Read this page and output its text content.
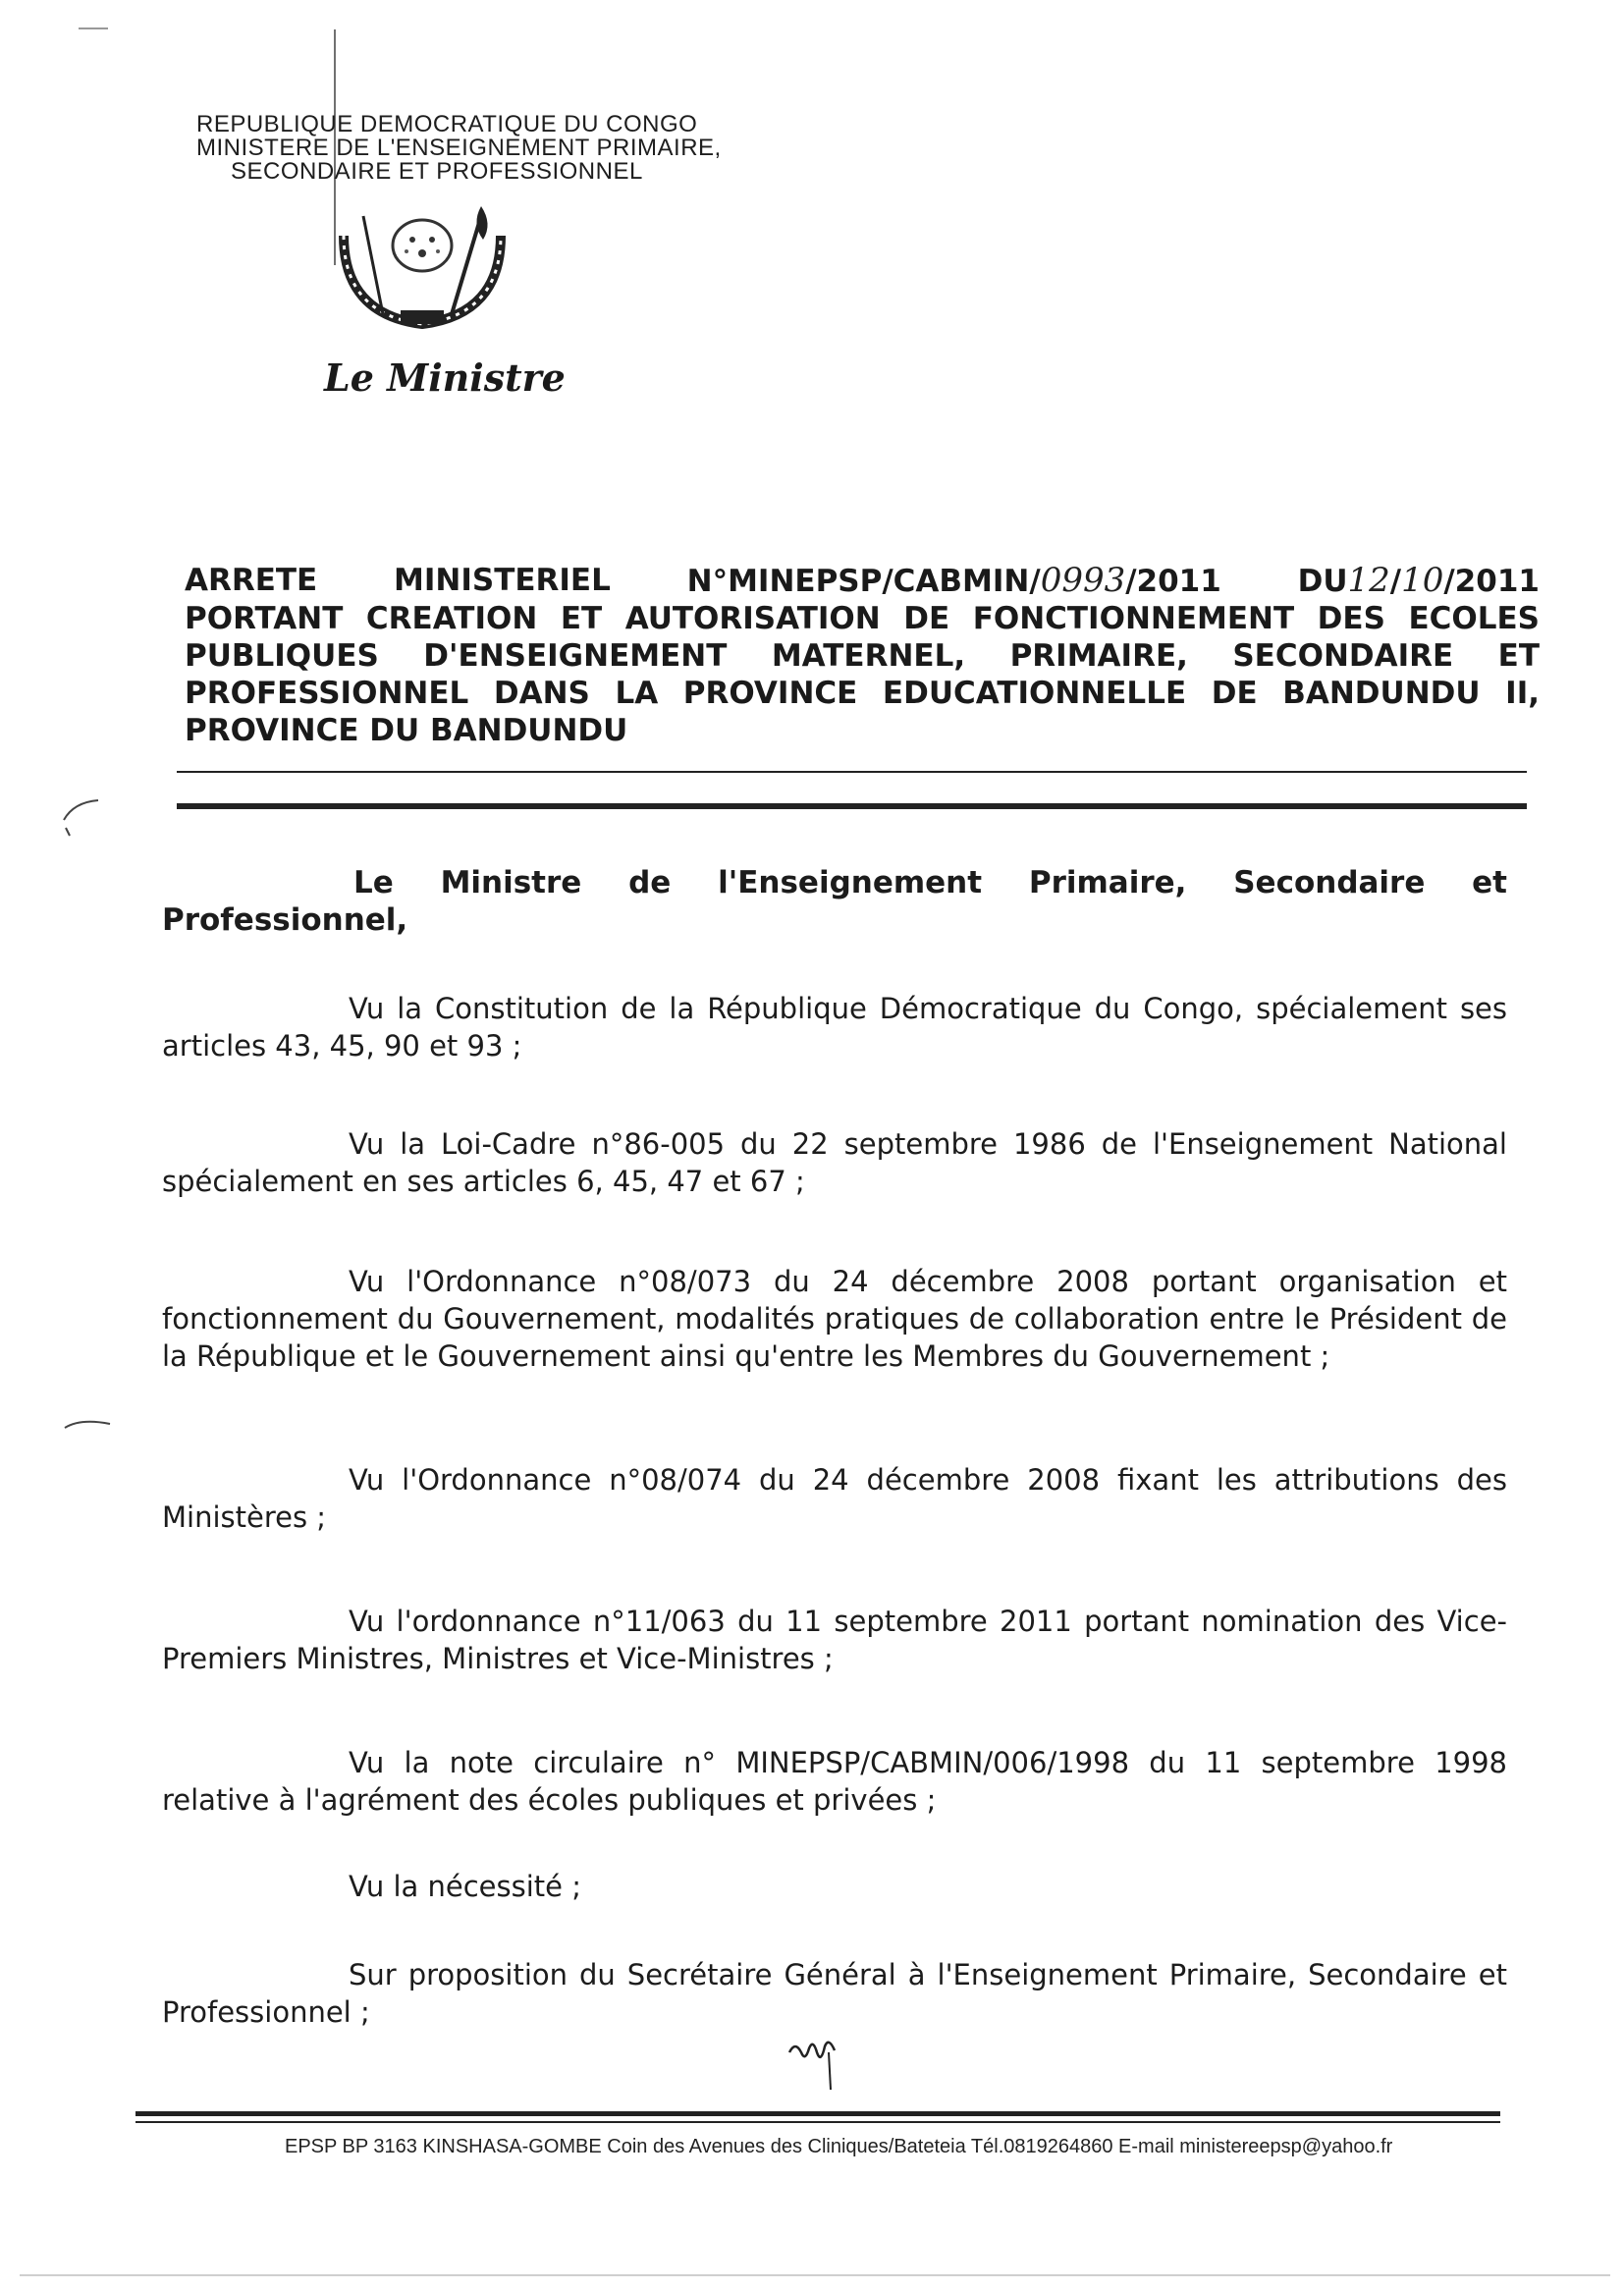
REPUBLIQUE DEMOCRATIQUE DU CONGO
MINISTERE DE L'ENSEIGNEMENT PRIMAIRE,
SECONDAIRE ET PROFESSIONNEL
Le Ministre
ARRETE	MINISTERIEL	N°MINEPSP/CABMIN/0993/2011	DU12/10/2011
PORTANT CREATION ET AUTORISATION DE FONCTIONNEMENT DES ECOLES
PUBLIQUES D'ENSEIGNEMENT MATERNEL, PRIMAIRE, SECONDAIRE ET
PROFESSIONNEL DANS LA PROVINCE EDUCATIONNELLE DE BANDUNDU II,
PROVINCE DU BANDUNDU
Le Ministre de l'Enseignement Primaire, Secondaire et
Professionnel,
Vu la Constitution de la République Démocratique du Congo, spécialement ses articles 43, 45, 90 et 93 ;
Vu la Loi-Cadre n°86-005 du 22 septembre 1986 de l'Enseignement National spécialement en ses articles 6, 45, 47 et 67 ;
Vu l'Ordonnance n°08/073 du 24 décembre 2008 portant organisation et fonctionnement du Gouvernement, modalités pratiques de collaboration entre le Président de la République et le Gouvernement ainsi qu'entre les Membres du Gouvernement ;
Vu l'Ordonnance n°08/074 du 24 décembre 2008 fixant les attributions des Ministères ;
Vu l'ordonnance n°11/063 du 11 septembre 2011 portant nomination des Vice-Premiers Ministres, Ministres et Vice-Ministres ;
Vu la note circulaire n° MINEPSP/CABMIN/006/1998 du 11 septembre 1998 relative à l'agrément des écoles publiques et privées ;
Vu la nécessité ;
Sur proposition du Secrétaire Général à l'Enseignement Primaire, Secondaire et Professionnel ;
EPSP BP 3163 KINSHASA-GOMBE Coin des Avenues des Cliniques/Bateteia Tél.0819264860 E-mail ministereepsp@yahoo.fr
